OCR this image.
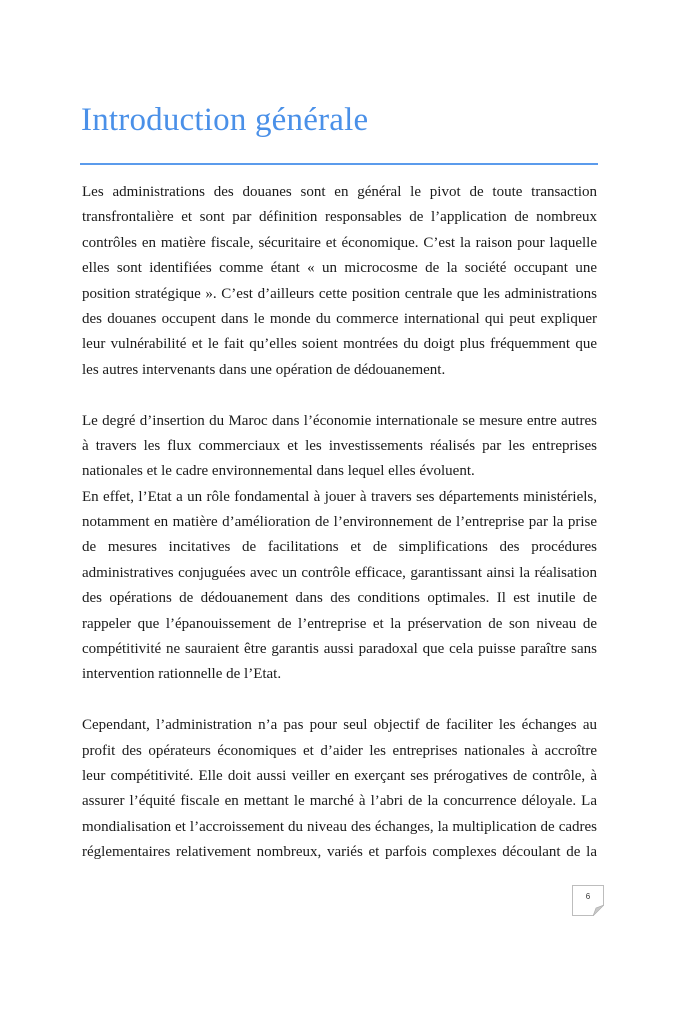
Introduction générale
Les administrations des douanes sont en général le pivot de toute transaction
transfrontalière et sont par définition responsables de l’application de nombreux
contrôles en matière fiscale, sécuritaire et économique. C’est la raison pour laquelle
elles sont identifiées comme étant « un microcosme de la société occupant une
position stratégique ». C’est d’ailleurs cette position centrale que les administrations
des douanes occupent dans le monde du commerce international qui peut expliquer
leur vulnérabilité et le fait qu’elles soient montrées du doigt plus fréquemment que
les autres intervenants dans une opération de dédouanement.
Le degré d’insertion du Maroc dans l’économie internationale se mesure entre autres
à travers les flux commerciaux et les investissements réalisés par les entreprises
nationales et le cadre environnemental dans lequel elles évoluent.
En effet, l’Etat a un rôle fondamental à jouer à travers ses départements ministériels,
notamment en matière d’amélioration de l’environnement de l’entreprise par la prise
de mesures incitatives de facilitations et de simplifications des procédures
administratives conjuguées avec un contrôle efficace, garantissant ainsi la réalisation
des opérations de dédouanement dans des conditions optimales. Il est inutile de
rappeler que l’épanouissement de l’entreprise et la préservation de son niveau de
compétitivité ne sauraient être garantis aussi paradoxal que cela puisse paraître sans
intervention rationnelle de l’Etat.
Cependant, l’administration n’a pas pour seul objectif de faciliter les échanges au
profit des opérateurs économiques et d’aider les entreprises nationales à accroître
leur compétitivité. Elle doit aussi veiller en exerçant ses prérogatives de contrôle, à
assurer l’équité fiscale en mettant le marché à l’abri de la concurrence déloyale. La
mondialisation et l’accroissement du niveau des échanges, la multiplication de cadres
réglementaires relativement nombreux, variés et parfois complexes découlant de la
6
